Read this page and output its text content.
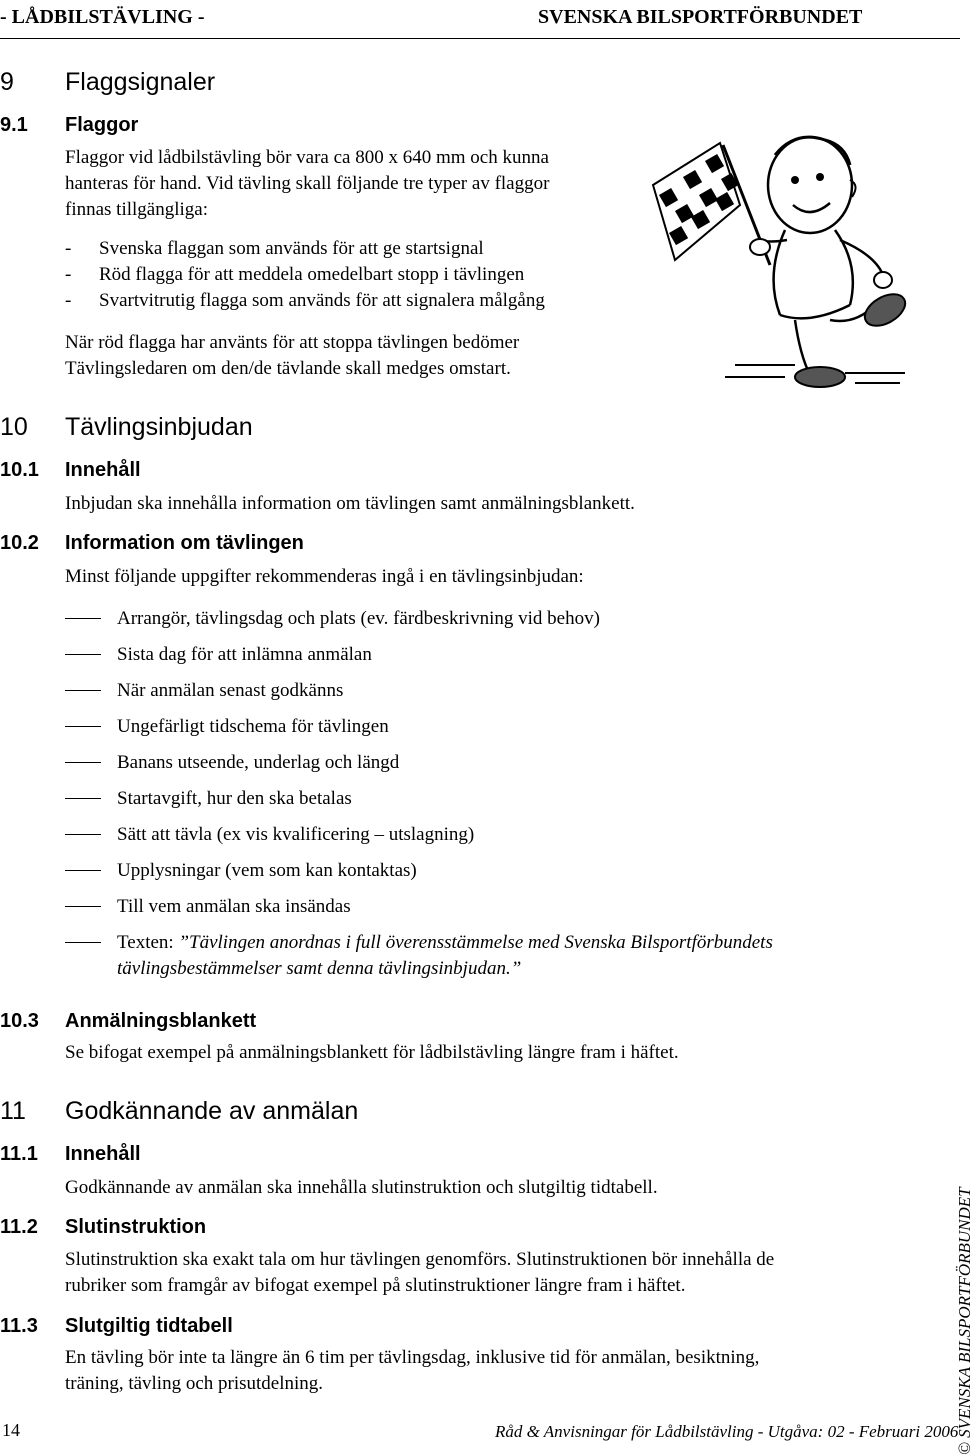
- LÅDBILSTÄVLING -	SVENSKA BILSPORTFÖRBUNDET
9 Flaggsignaler
9.1 Flaggor
Flaggor vid lådbilstävling bör vara ca 800 x 640 mm och kunna
hanteras för hand. Vid tävling skall följande tre typer av flaggor
finnas tillgängliga:
- Svenska flaggan som används för att ge startsignal
- Röd flagga för att meddela omedelbart stopp i tävlingen
- Svartvitrutig flagga som används för att signalera målgång
När röd flagga har använts för att stoppa tävlingen bedömer
Tävlingsledaren om den/de tävlande skall medges omstart.
10 Tävlingsinbjudan
10.1 Innehåll
Inbjudan ska innehålla information om tävlingen samt anmälningsblankett.
10.2 Information om tävlingen
Minst följande uppgifter rekommenderas ingå i en tävlingsinbjudan:
Arrangör, tävlingsdag och plats (ev. färdbeskrivning vid behov)
Sista dag för att inlämna anmälan
När anmälan senast godkänns
Ungefärligt tidschema för tävlingen
Banans utseende, underlag och längd
Startavgift, hur den ska betalas
Sätt att tävla (ex vis kvalificering – utslagning)
Upplysningar (vem som kan kontaktas)
Till vem anmälan ska insändas
Texten: ”Tävlingen anordnas i full överensstämmelse med Svenska Bilsportförbundets
tävlingsbestämmelser samt denna tävlingsinbjudan.”
10.3 Anmälningsblankett
Se bifogat exempel på anmälningsblankett för lådbilstävling längre fram i häftet.
11 Godkännande av anmälan
11.1 Innehåll
Godkännande av anmälan ska innehålla slutinstruktion och slutgiltig tidtabell.
11.2 Slutinstruktion
Slutinstruktion ska exakt tala om hur tävlingen genomförs. Slutinstruktionen bör innehålla de
rubriker som framgår av bifogat exempel på slutinstruktioner längre fram i häftet.
11.3 Slutgiltig tidtabell
En tävling bör inte ta längre än 6 tim per tävlingsdag, inklusive tid för anmälan, besiktning,
träning, tävling och prisutdelning.
14	Råd & Anvisningar för Lådbilstävling - Utgåva: 02 - Februari 2006
© SVENSKA BILSPORTFÖRBUNDET
